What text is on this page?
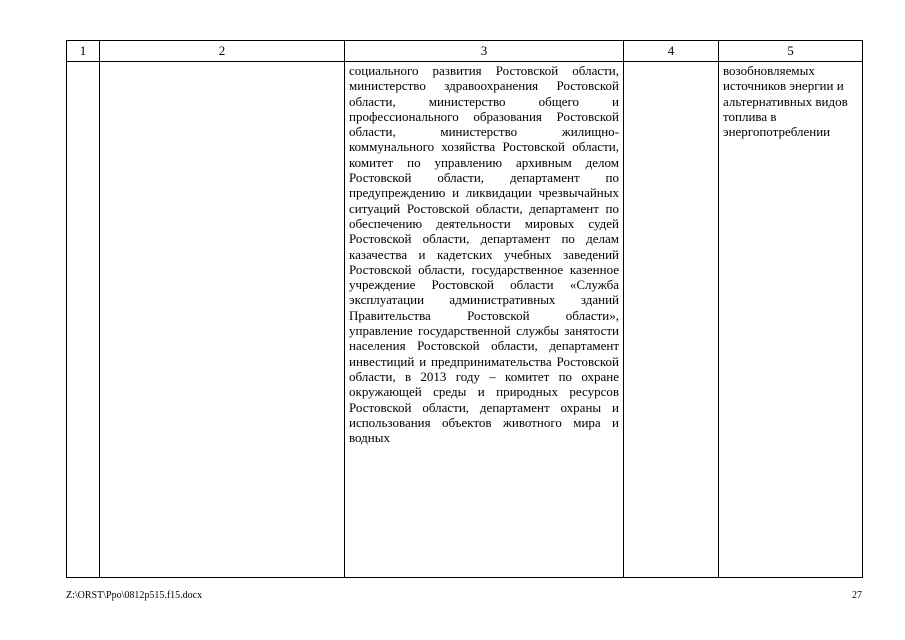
1	2	3	4	5

		социального развития Ростовской области, министерство здравоохранения Ростовской области, министерство общего и профессионального образования Ростовской области, министерство жилищно-коммунального хозяйства Ростовской области, комитет по управлению архивным делом Ростовской области, департамент по предупреждению и ликвидации чрезвычайных ситуаций Ростовской области, департамент по обеспечению деятельности мировых судей Ростовской области, департамент по делам казачества и кадетских учебных заведений Ростовской области, государственное казенное учреждение Ростовской области «Служба эксплуатации административных зданий Правительства Ростовской области», управление государственной службы занятости населения Ростовской области, департамент инвестиций и предпринимательства Ростовской области, в 2013 году – комитет по охране окружающей среды и природных ресурсов Ростовской области, департамент охраны и использования объектов животного мира и водных		возобновляемых источников энергии и альтернативных видов топлива в энергопотреблении
Z:\ORST\Ppo\0812p515.f15.docx	27
